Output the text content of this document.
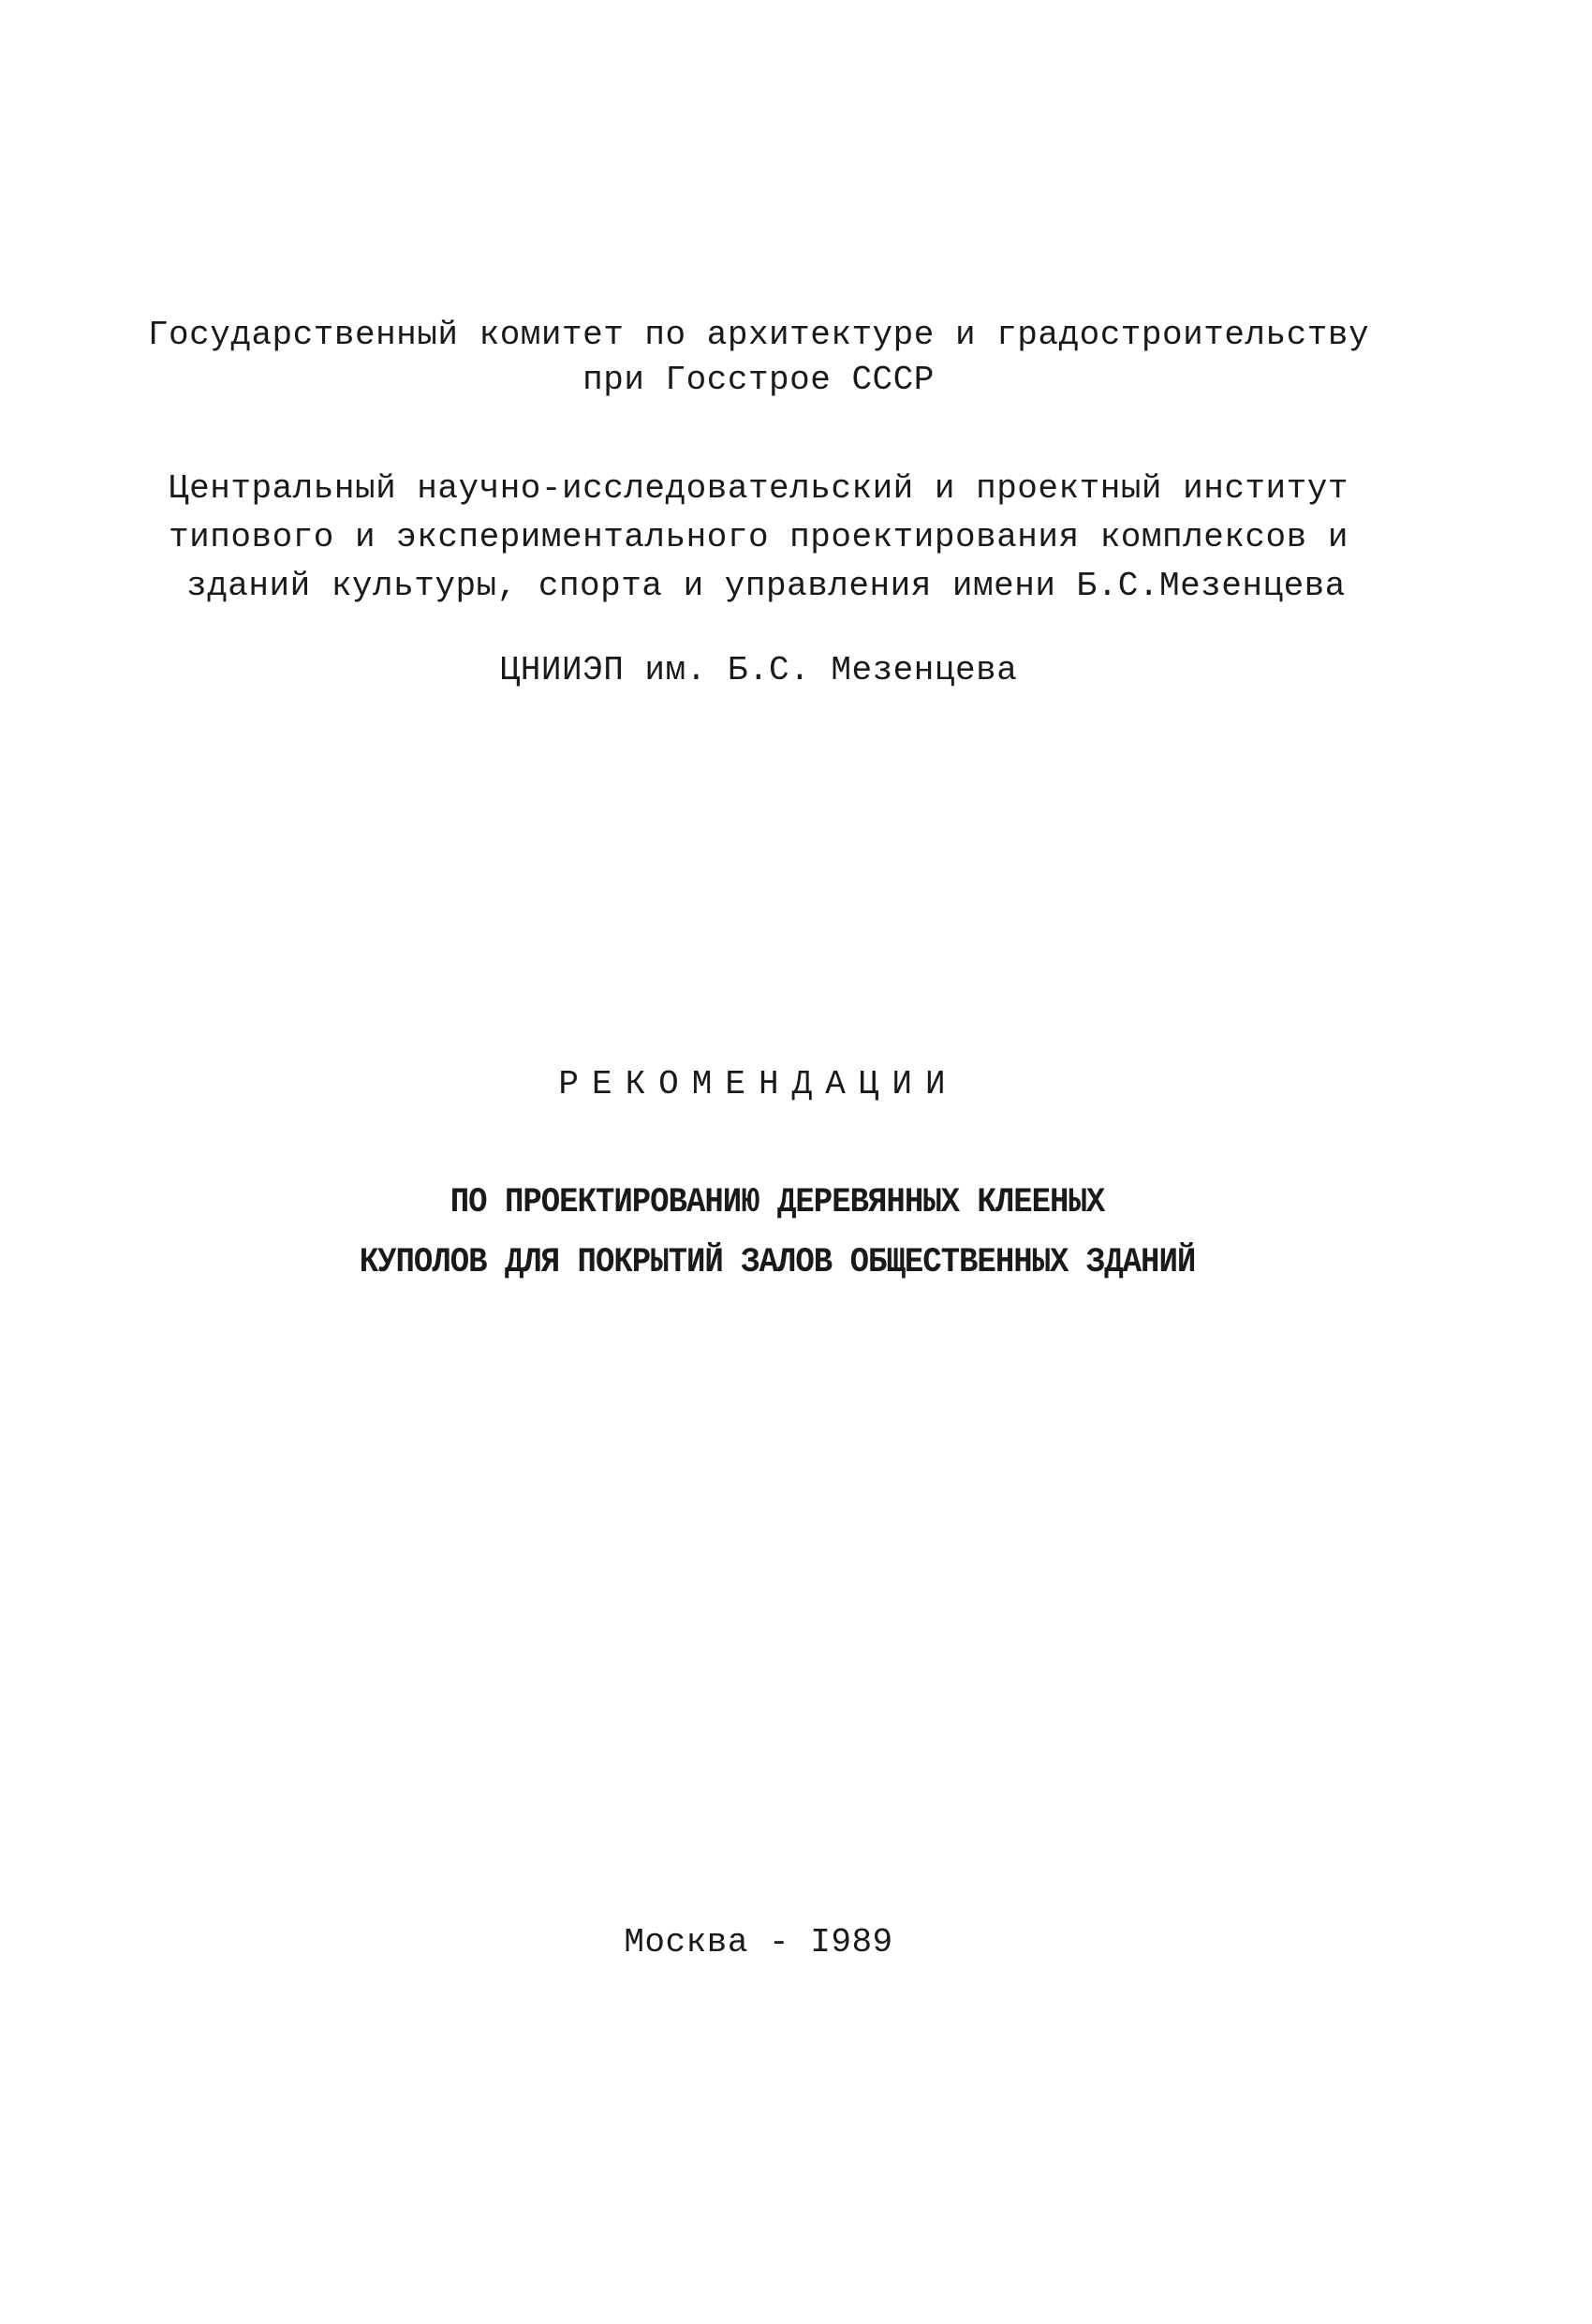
Государственный комитет по архитектуре и градостроительству
при Госстрое СССР
Центральный научно-исследовательский и проектный институт
типового и экспериментального проектирования комплексов и
зданий культуры, спорта и управления имени Б.С.Мезенцева
ЦНИИЭП им. Б.С. Мезенцева
РЕКОМЕНДАЦИИ
ПО ПРОЕКТИРОВАНИЮ ДЕРЕВЯННЫХ КЛЕЕНЫХ
КУПОЛОВ ДЛЯ ПОКРЫТИЙ ЗАЛОВ ОБЩЕСТВЕННЫХ ЗДАНИЙ
Москва - I989
